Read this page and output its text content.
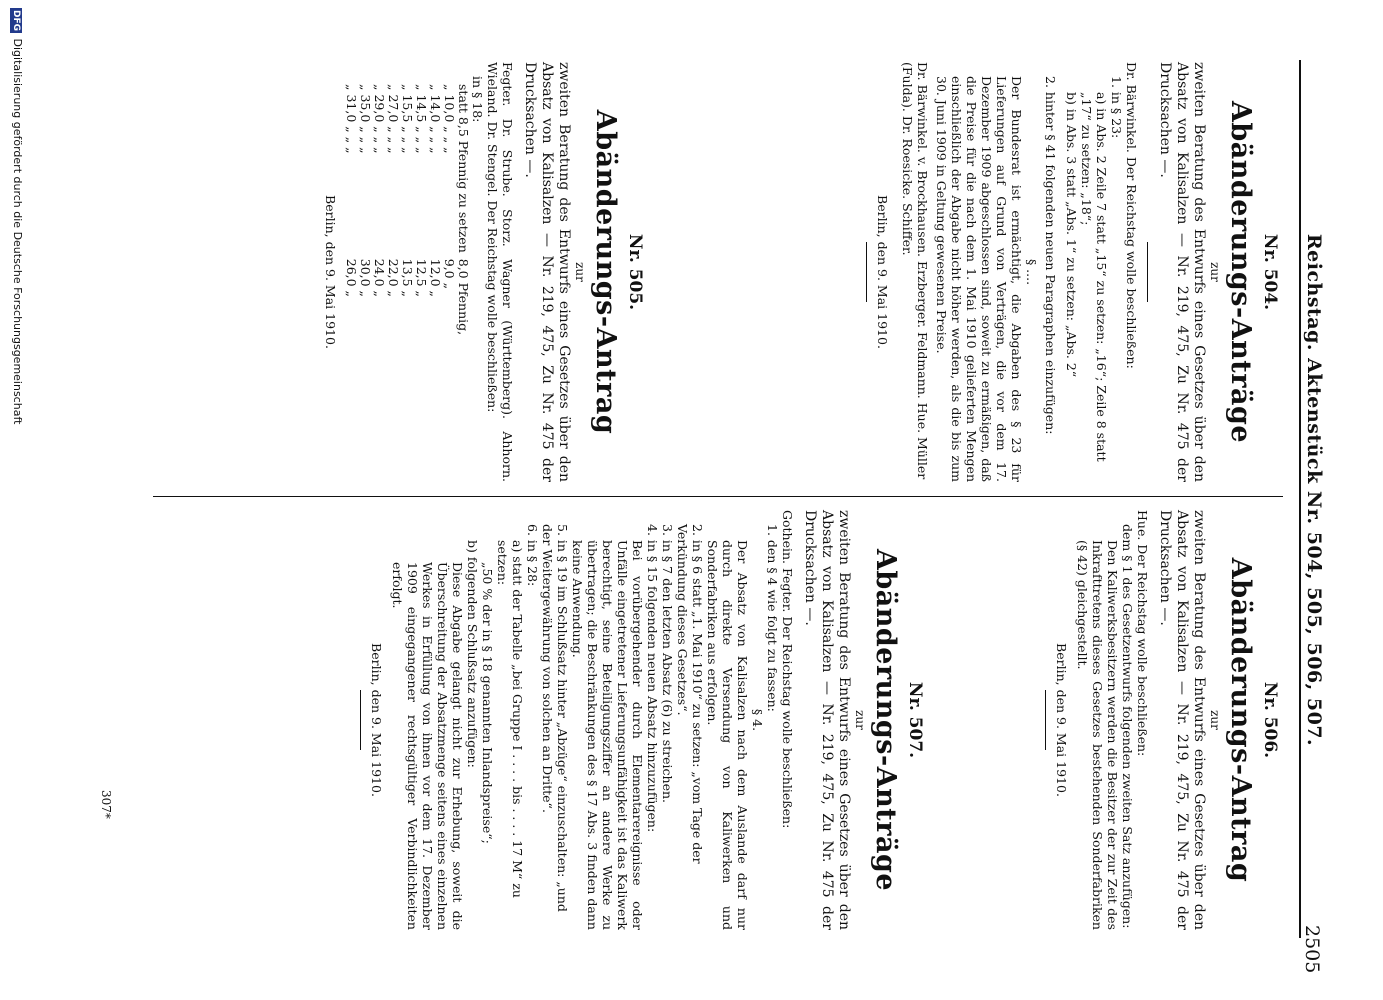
Reichstag. Aktenstück Nr. 504, 505, 506, 507.
2505

Nr. 504.

Abänderungs-Anträge

zur

zweiten Beratung des Entwurfs eines Gesetzes über den Absatz von Kalisalzen — Nr. 219, 475, Zu Nr. 475 der Drucksachen —.

Dr. Bärwinkel. Der Reichstag wolle beschließen:

1. in § 23:

a) in Abs. 2 Zeile 7 statt „15“ zu setzen: „16“; Zeile 8 statt „17“ zu setzen: „18“;

b) in Abs. 3 statt „Abs. 1“ zu setzen: „Abs. 2“

2. hinter § 41 folgenden neuen Paragraphen einzufügen:

§ ....

Der Bundesrat ist ermächtigt, die Abgaben des § 23 für Lieferungen auf Grund von Verträgen, die vor dem 17. Dezember 1909 abgeschlossen sind, soweit zu ermäßigen, daß die Preise für die nach dem 1. Mai 1910 gelieferten Mengen einschließlich der Abgabe nicht höher werden, als die bis zum 30. Juni 1909 in Geltung gewesenen Preise.

Dr. Bärwinkel. v. Brockhausen. Erzberger. Feldmann. Hue. Müller (Fulda). Dr. Roesicke. Schiffer.

Berlin, den 9. Mai 1910.

Nr. 505.

Abänderungs-Antrag

zur

zweiten Beratung des Entwurfs eines Gesetzes über den Absatz von Kalisalzen — Nr. 219, 475, Zu Nr. 475 der Drucksachen —.

Fegter. Dr. Strube. Storz. Wagner (Württemberg). Ahhorn. Wieland. Dr. Stengel. Der Reichstag wolle beschließen:

in § 18:

statt 8,5 Pfennig zu setzen	8,0 Pfennig,
„ 10,0 „ „ „	9,0 „
„ 14,0 „ „ „	12,0 „
„ 14,5 „ „ „	12,5 „
„ 15,5 „ „ „	13,5 „
„ 27,0 „ „ „	22,0 „
„ 29,0 „ „ „	24,0 „
„ 35,0 „ „ „	30,0 „
„ 31,0 „ „ „	26,0 „

Berlin, den 9. Mai 1910.

Nr. 506.

Abänderungs-Antrag

zur

zweiten Beratung des Entwurfs eines Gesetzes über den Absatz von Kalisalzen — Nr. 219, 475, Zu Nr. 475 der Drucksachen —.

Hue. Der Reichstag wolle beschließen:

dem § 1 des Gesetzentwurfs folgenden zweiten Satz anzufügen:

Den Kaliwerksbesitzern werden die Besitzer der zur Zeit des Inkrafttretens dieses Gesetzes bestehenden Sonderfabriken (§ 42) gleichgestellt.

Berlin, den 9. Mai 1910.

Nr. 507.

Abänderungs-Anträge

zur

zweiten Beratung des Entwurfs eines Gesetzes über den Absatz von Kalisalzen — Nr. 219, 475, Zu Nr. 475 der Drucksachen —.

Gothein. Fegter. Der Reichstag wolle beschließen:

1. den § 4 wie folgt zu fassen:

§ 4.

Der Absatz von Kalisalzen nach dem Auslande darf nur durch direkte Versendung von Kaliwerken und Sonderfabriken aus erfolgen.

2. in § 6 statt „1. Mai 1910“ zu setzen: „vom Tage der Verkündung dieses Gesetzes“.

3. in § 7 den letzten Absatz (6) zu streichen.

4. in § 15 folgenden neuen Absatz hinzuzufügen:

Bei vorübergehender durch Elementarereignisse oder Unfälle eingetretener Lieferungsunfähigkeit ist das Kaliwerk berechtigt, seine Beteiligungsziffer an andere Werke zu übertragen; die Beschränkungen des § 17 Abs. 3 finden dann keine Anwendung.

5. in § 19 im Schlußsatz hinter „Abzüge“ einzuschalten: „und der Weitergewährung von solchen an Dritte“.

6. in § 28:

a) statt der Tabelle „bei Gruppe I . . . . bis . . . . 17 M“ zu setzen:

„50 % der in § 18 genannten Inlandspreise“;

b) folgenden Schlußsatz anzufügen:

Diese Abgabe gelangt nicht zur Erhebung, soweit die Überschreitung der Absatzmenge seitens eines einzelnen Werkes in Erfüllung von ihnen vor dem 17. Dezember 1909 eingegangener rechtsgültiger Verbindlichkeiten erfolgt.

Berlin, den 9. Mai 1910.

307*
DFG Digitalisierung gefördert durch die Deutsche Forschungsgemeinschaft
